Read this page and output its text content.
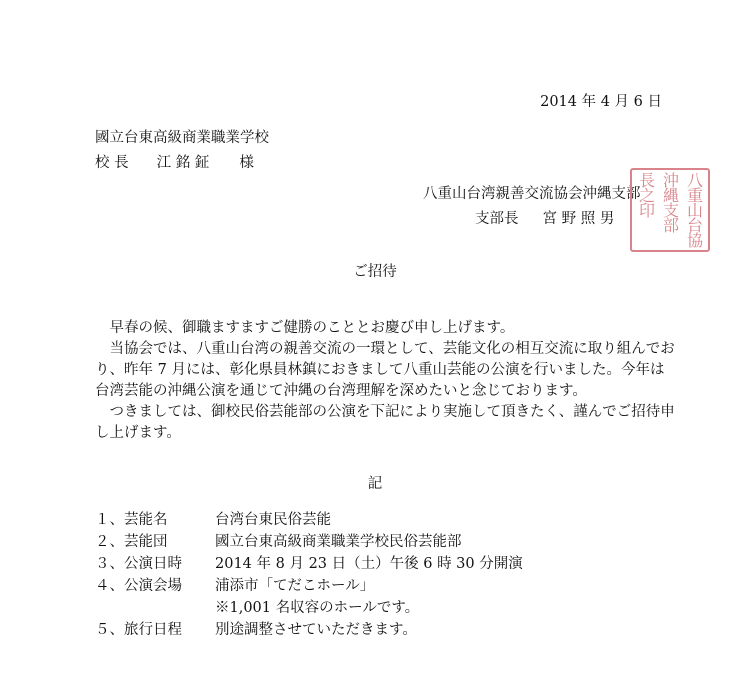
2014 年 4 月 6 日
國立台東高級商業職業学校
校 長 江 銘 鉦 様
八重山台湾親善交流協会沖縄支部
支部長 宮 野 照 男	八重山台協
沖縄支部
長之印
ご招待

早春の候、御職ますますご健勝のこととお慶び申し上げます。

当協会では、八重山台湾の親善交流の一環として、芸能文化の相互交流に取り組んでおり、昨年 7 月には、彰化県員林鎮におきまして八重山芸能の公演を行いました。今年は台湾芸能の沖縄公演を通じて沖縄の台湾理解を深めたいと念じております。

つきましては、御校民俗芸能部の公演を下記により実施して頂きたく、謹んでご招待申し上げます。

記
１、芸能名	台湾台東民俗芸能
２、芸能団	國立台東高級商業職業学校民俗芸能部
３、公演日時 2014 年 8 月 23 日（土）午後 6 時 30 分開演
４、公演会場 浦添市「てだこホール」
※1,001 名収容のホールです。
５、旅行日程 別途調整させていただきます。
